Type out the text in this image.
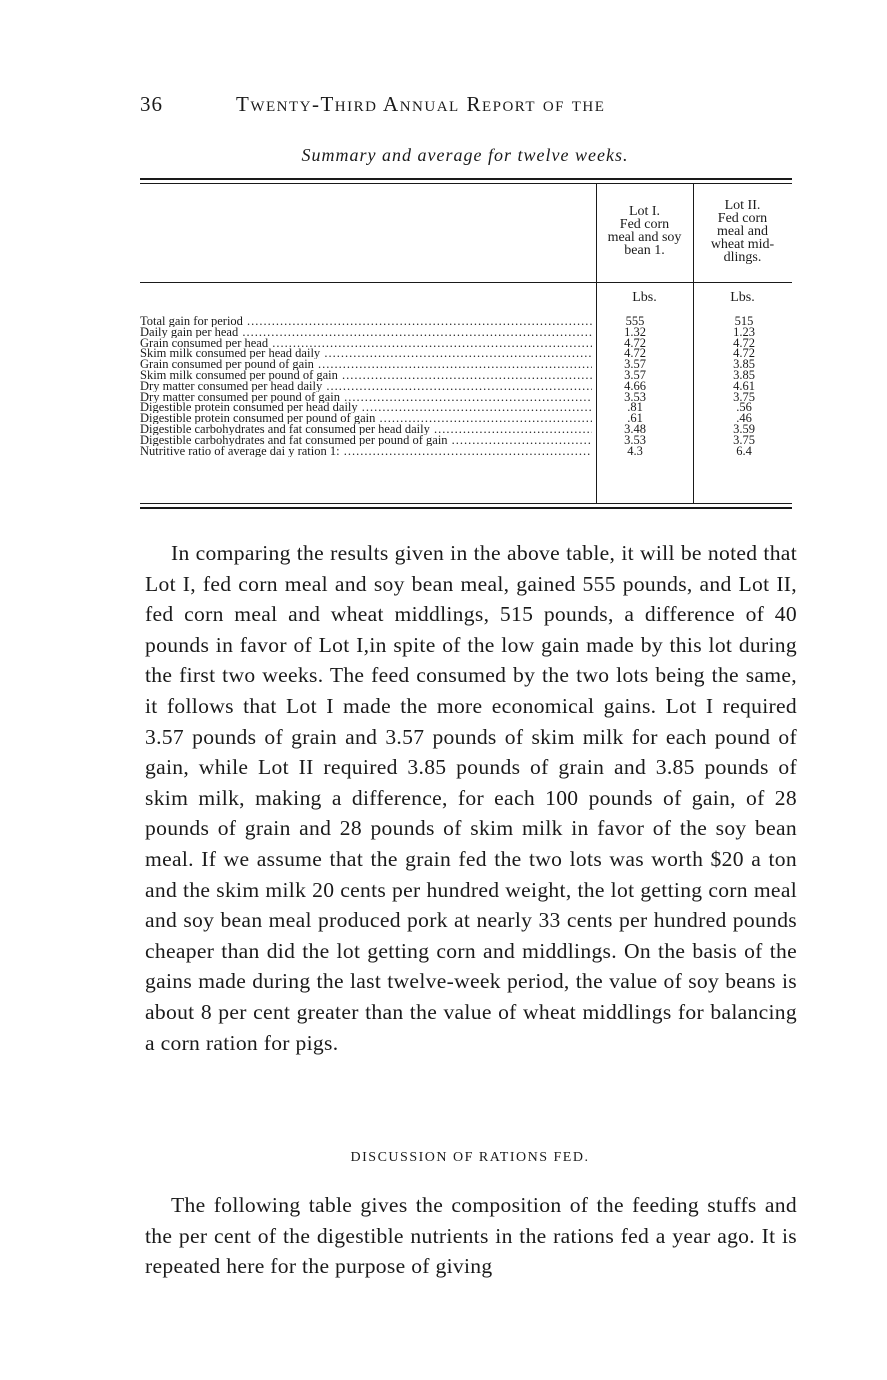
36	Twenty-Third Annual Report of the
Summary and average for twelve weeks.
Lot I.
Fed corn
meal and soy
bean 1.
Lot II.
Fed corn
meal and
wheat mid-
dlings.
Lbs.	Lbs.
Total gain for period .....	555	515
Daily gain per head .....	1.32	1.23
Grain consumed per head .....	4.72	4.72
Skim milk consumed per head daily .....	4.72	4.72
Grain consumed per pound of gain .....	3.57	3.85
Skim milk consumed per pound of gain .....	3.57	3.85
Dry matter consumed per head daily .....	4.66	4.61
Dry matter consumed per pound of gain .....	3.53	3.75
Digestible protein consumed per head daily .....	.81	.56
Digestible protein consumed per pound of gain .....	.61	.46
Digestible carbohydrates and fat consumed per head daily .....	3.48	3.59
Digestible carbohydrates and fat consumed per pound of gain .....	3.53	3.75
Nutritive ratio of average dai y ration 1: .....	4.3	6.4

In comparing the results given in the above table, it will be noted that Lot I, fed corn meal and soy bean meal, gained 555 pounds, and Lot II, fed corn meal and wheat middlings, 515 pounds, a difference of 40 pounds in favor of Lot I,in spite of the low gain made by this lot during the first two weeks. The feed consumed by the two lots being the same, it follows that Lot I made the more economical gains. Lot I required 3.57 pounds of grain and 3.57 pounds of skim milk for each pound of gain, while Lot II required 3.85 pounds of grain and 3.85 pounds of skim milk, making a difference, for each 100 pounds of gain, of 28 pounds of grain and 28 pounds of skim milk in favor of the soy bean meal. If we assume that the grain fed the two lots was worth $20 a ton and the skim milk 20 cents per hundred weight, the lot getting corn meal and soy bean meal produced pork at nearly 33 cents per hundred pounds cheaper than did the lot getting corn and middlings. On the basis of the gains made during the last twelve-week period, the value of soy beans is about 8 per cent greater than the value of wheat middlings for balancing a corn ration for pigs.

DISCUSSION OF RATIONS FED.

The following table gives the composition of the feeding stuffs and the per cent of the digestible nutrients in the rations fed a year ago. It is repeated here for the purpose of giving
